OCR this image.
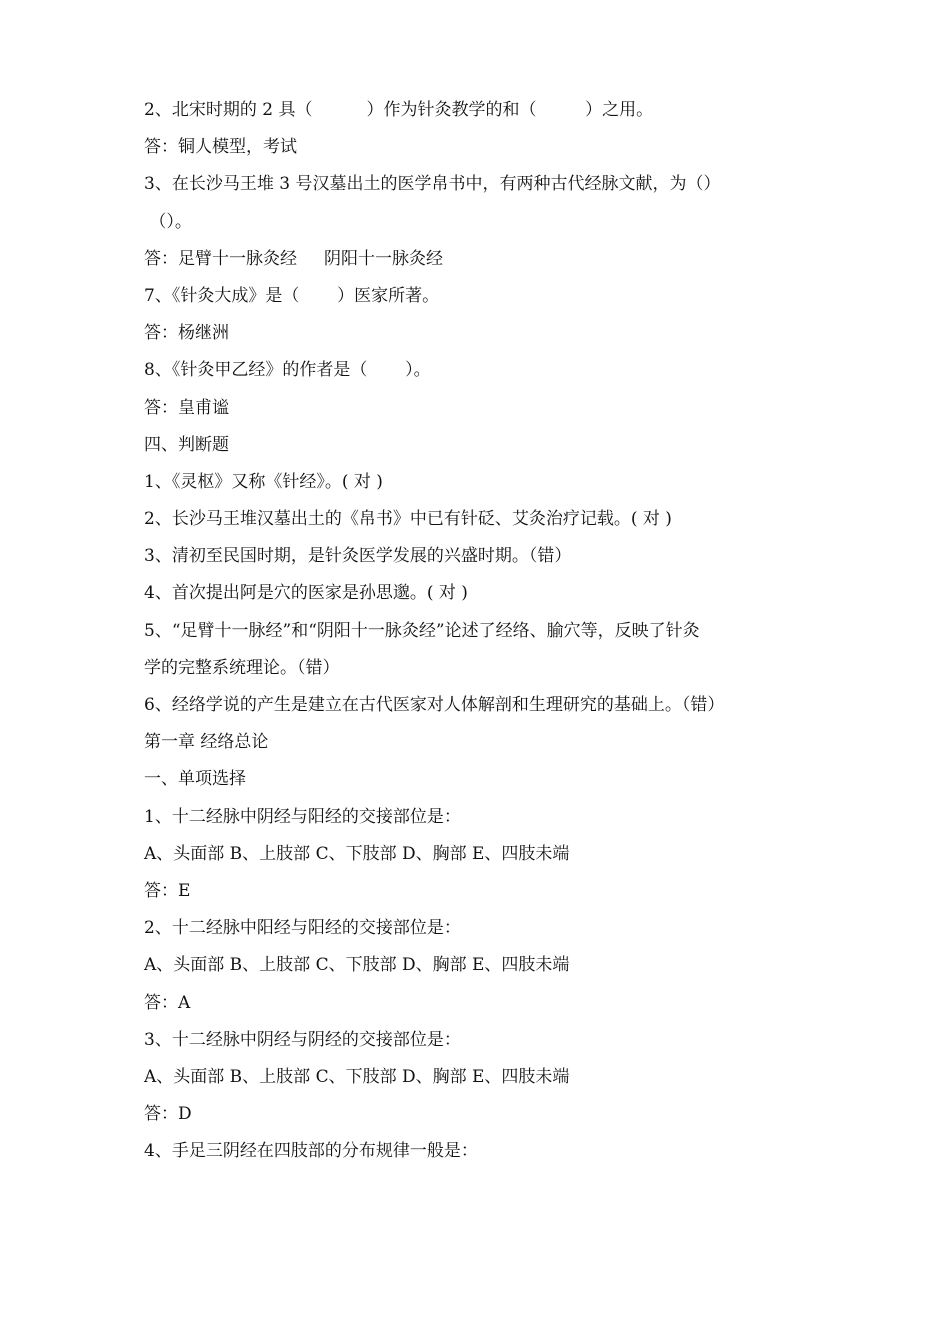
2、北宋时期的 2 具（          ）作为针灸教学的和（         ）之用。
答：铜人模型，考试
3、在长沙马王堆 3 号汉墓出土的医学帛书中，有两种古代经脉文献，为（）
（）。
答：足臂十一脉灸经     阴阳十一脉灸经
7、《针灸大成》是（       ）医家所著。
答：杨继洲
8、《针灸甲乙经》的作者是（       ）。
答：皇甫谧
四、判断题
1、《灵枢》又称《针经》。( 对 )
2、长沙马王堆汉墓出土的《帛书》中已有针砭、艾灸治疗记载。( 对 )
3、清初至民国时期，是针灸医学发展的兴盛时期。（错）
4、首次提出阿是穴的医家是孙思邈。( 对 )
5、“足臂十一脉经”和“阴阳十一脉灸经”论述了经络、腧穴等，反映了针灸
学的完整系统理论。（错）
6、经络学说的产生是建立在古代医家对人体解剖和生理研究的基础上。（错）
第一章 经络总论
一、单项选择
1、十二经脉中阴经与阳经的交接部位是：
A、头面部 B、上肢部 C、下肢部 D、胸部 E、四肢未端
答：E
2、十二经脉中阳经与阳经的交接部位是：
A、头面部 B、上肢部 C、下肢部 D、胸部 E、四肢未端
答：A
3、十二经脉中阴经与阴经的交接部位是：
A、头面部 B、上肢部 C、下肢部 D、胸部 E、四肢未端
答：D
4、手足三阴经在四肢部的分布规律一般是：
